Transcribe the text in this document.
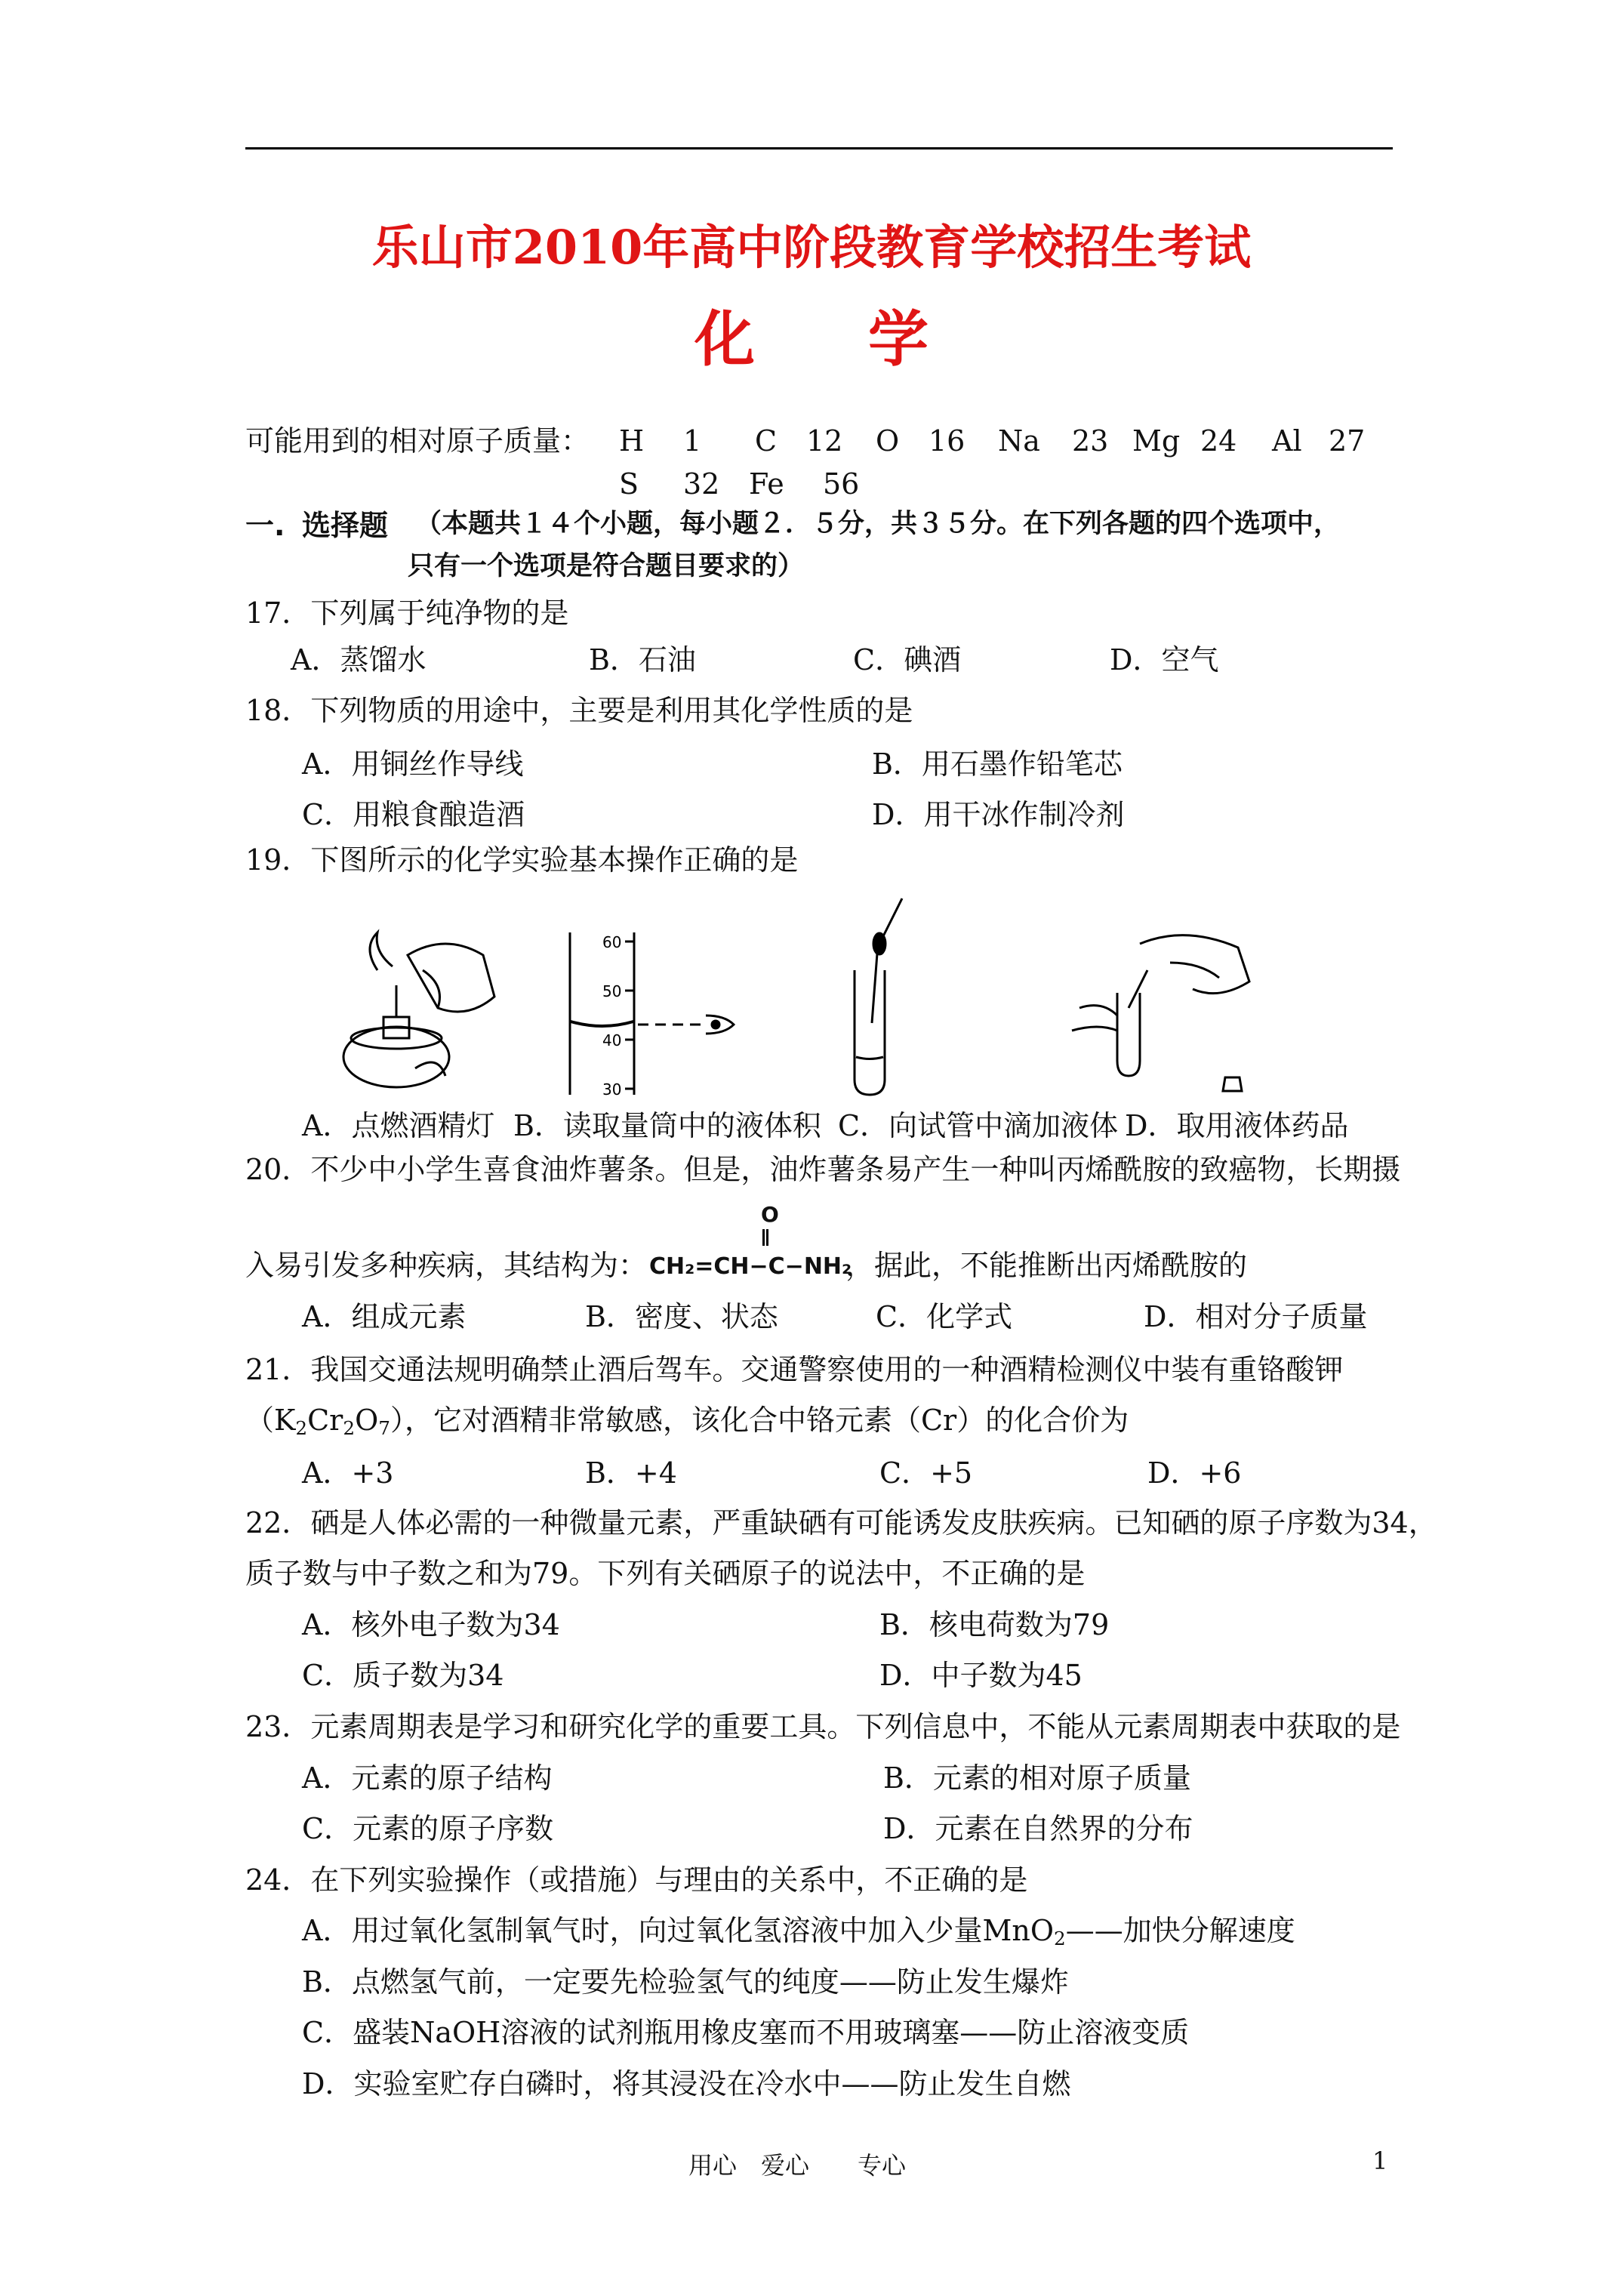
乐山市2010年高中阶段教育学校招生考试
化学
可能用到的相对原子质量： H 1 C 12 O 16 Na 23 Mg 24 Al 27
S 32 Fe 56
一. 选择题 （本题共１４个小题，每小题２．５分，共３５分。在下列各题的四个选项中，
只有一个选项是符合题目要求的）
17．下列属于纯净物的是
A．蒸馏水	B．石油	C．碘酒	D．空气
18．下列物质的用途中，主要是利用其化学性质的是
A．用铜丝作导线	B．用石墨作铅笔芯
C．用粮食酿造酒	D．用干冰作制冷剂
19．下图所示的化学实验基本操作正确的是
60
50
40
30
A．点燃酒精灯 B．读取量筒中的液体积 C．向试管中滴加液体 D．取用液体药品
20．不少中小学生喜食油炸薯条。但是，油炸薯条易产生一种叫丙烯酰胺的致癌物，长期摄
O
入易引发多种疾病，其结构为： CH₂=CH−C−NH₂
，据此，不能推断出丙烯酰胺的
A．组成元素	B．密度、状态	C．化学式	D．相对分子质量
21．我国交通法规明确禁止酒后驾车。交通警察使用的一种酒精检测仪中装有重铬酸钾
$(K_2Cr_2O_7)$，它对酒精非常敏感，该化合中铬元素（Cr）的化合价为
A．+3	B．+4	C．+5	D．+6
22．硒是人体必需的一种微量元素，严重缺硒有可能诱发皮肤疾病。已知硒的原子序数为34，
质子数与中子数之和为79。下列有关硒原子的说法中，不正确的是
A．核外电子数为34	B．核电荷数为79
C．质子数为34	D．中子数为45
23．元素周期表是学习和研究化学的重要工具。下列信息中，不能从元素周期表中获取的是
A．元素的原子结构	B．元素的相对原子质量
C．元素的原子序数	D．元素在自然界的分布
24．在下列实验操作（或措施）与理由的关系中，不正确的是
A．用过氧化氢制氧气时，向过氧化氢溶液中加入少量MnO$_2$——加快分解速度
B．点燃氢气前，一定要先检验氢气的纯度——防止发生爆炸
C．盛装NaOH溶液的试剂瓶用橡皮塞而不用玻璃塞——防止溶液变质
D．实验室贮存白磷时，将其浸没在冷水中——防止发生自燃
用心　爱心　　专心	1
